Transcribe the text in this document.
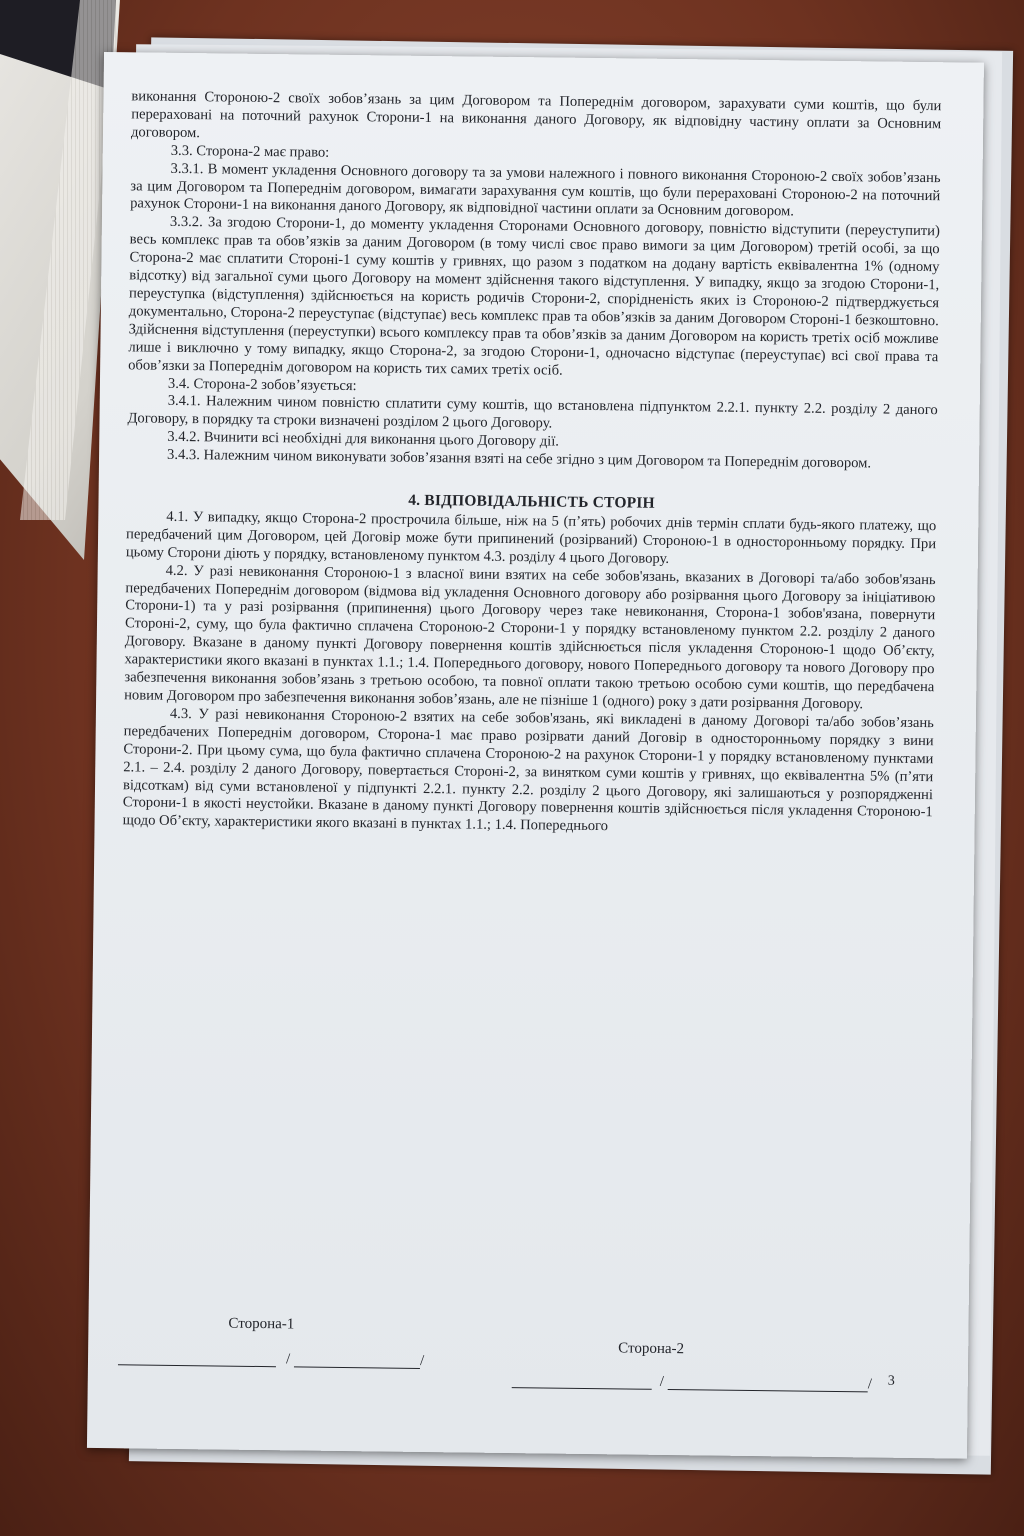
виконання Стороною-2 своїх зобов’язань за цим Договором та Попереднім договором, зарахувати суми коштів, що були перераховані на поточний рахунок Сторони-1 на виконання даного Договору, як відповідну частину оплати за Основним договором.

3.3. Сторона-2 має право:

3.3.1. В момент укладення Основного договору та за умови належного і повного виконання Стороною-2 своїх зобов’язань за цим Договором та Попереднім договором, вимагати зарахування сум коштів, що були перераховані Стороною-2 на поточний рахунок Сторони-1 на виконання даного Договору, як відповідної частини оплати за Основним договором.

3.3.2. За згодою Сторони-1, до моменту укладення Сторонами Основного договору, повністю відступити (переуступити) весь комплекс прав та обов’язків за даним Договором (в тому числі своє право вимоги за цим Договором) третій особі, за що Сторона-2 має сплатити Стороні-1 суму коштів у гривнях, що разом з податком на додану вартість еквівалентна 1% (одному відсотку) від загальної суми цього Договору на момент здійснення такого відступлення. У випадку, якщо за згодою Сторони-1, переуступка (відступлення) здійснюється на користь родичів Сторони-2, спорідненість яких із Стороною-2 підтверджується документально, Сторона-2 переуступає (відступає) весь комплекс прав та обов’язків за даним Договором Стороні-1 безкоштовно. Здійснення відступлення (переуступки) всього комплексу прав та обов’язків за даним Договором на користь третіх осіб можливе лише і виключно у тому випадку, якщо Сторона-2, за згодою Сторони-1, одночасно відступає (переуступає) всі свої права та обов’язки за Попереднім договором на користь тих самих третіх осіб.

3.4. Сторона-2 зобов’язується:

3.4.1. Належним чином повністю сплатити суму коштів, що встановлена підпунктом 2.2.1. пункту 2.2. розділу 2 даного Договору, в порядку та строки визначені розділом 2 цього Договору.

3.4.2. Вчинити всі необхідні для виконання цього Договору дії.

3.4.3. Належним чином виконувати зобов’язання взяті на себе згідно з цим Договором та Попереднім договором.

4. ВІДПОВІДАЛЬНІСТЬ СТОРІН

4.1. У випадку, якщо Сторона-2 прострочила більше, ніж на 5 (п’ять) робочих днів термін сплати будь-якого платежу, що передбачений цим Договором, цей Договір може бути припинений (розірваний) Стороною-1 в односторонньому порядку. При цьому Сторони діють у порядку, встановленому пунктом 4.3. розділу 4 цього Договору.

4.2. У разі невиконання Стороною-1 з власної вини взятих на себе зобов'язань, вказаних в Договорі та/або зобов'язань передбачених Попереднім договором (відмова від укладення Основного договору або розірвання цього Договору за ініціативою Сторони-1) та у разі розірвання (припинення) цього Договору через таке невиконання, Сторона-1 зобов'язана, повернути Стороні-2, суму, що була фактично сплачена Стороною-2 Сторони-1 у порядку встановленому пунктом 2.2. розділу 2 даного Договору. Вказане в даному пункті Договору повернення коштів здійснюється після укладення Стороною-1 щодо Об’єкту, характеристики якого вказані в пунктах 1.1.; 1.4. Попереднього договору, нового Попереднього договору та нового Договору про забезпечення виконання зобов’язань з третьою особою, та повної оплати такою третьою особою суми коштів, що передбачена новим Договором про забезпечення виконання зобов’язань, але не пізніше 1 (одного) року з дати розірвання Договору.

4.3. У разі невиконання Стороною-2 взятих на себе зобов'язань, які викладені в даному Договорі та/або зобов’язань передбачених Попереднім договором, Сторона-1 має право розірвати даний Договір в односторонньому порядку з вини Сторони-2. При цьому сума, що була фактично сплачена Стороною-2 на рахунок Сторони-1 у порядку встановленому пунктами 2.1. – 2.4. розділу 2 даного Договору, повертається Стороні-2, за винятком суми коштів у гривнях, що еквівалентна 5% (п’яти відсоткам) від суми встановленої у підпункті 2.2.1. пункту 2.2. розділу 2 цього Договору, які залишаються у розпорядженні Сторони-1 в якості неустойки. Вказане в даному пункті Договору повернення коштів здійснюється після укладення Стороною-1 щодо Об’єкту, характеристики якого вказані в пунктах 1.1.; 1.4. Попереднього

Сторона-1
Сторона-2
/	/
/	/ 3
